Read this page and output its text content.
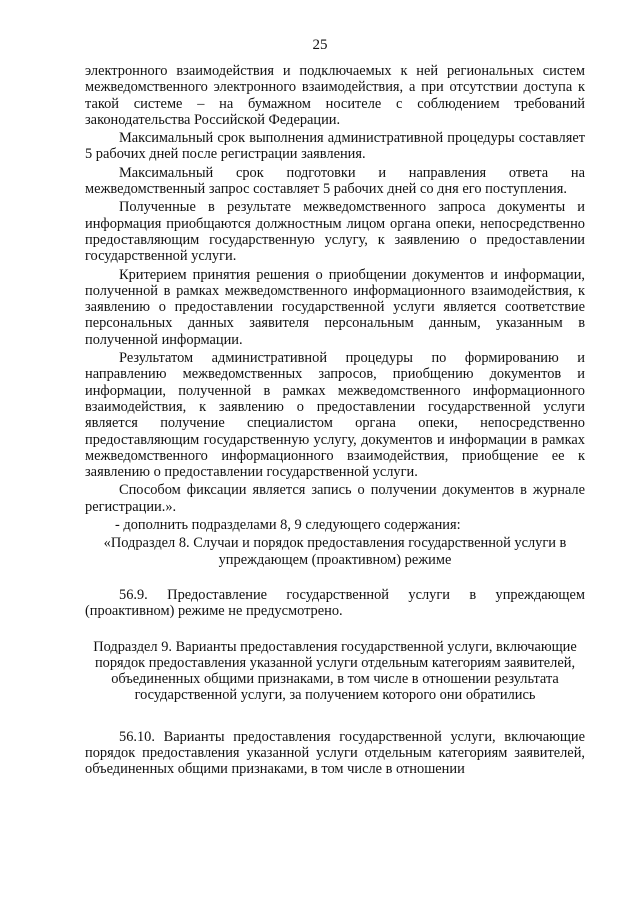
25

электронного взаимодействия и подключаемых к ней региональных систем межведомственного электронного взаимодействия, а при отсутствии доступа к такой системе – на бумажном носителе с соблюдением требований законодательства Российской Федерации.

Максимальный срок выполнения административной процедуры составляет 5 рабочих дней после регистрации заявления.

Максимальный срок подготовки и направления ответа на межведомственный запрос составляет 5 рабочих дней со дня его поступления.

Полученные в результате межведомственного запроса документы и информация приобщаются должностным лицом органа опеки, непосредственно предоставляющим государственную услугу, к заявлению о предоставлении государственной услуги.

Критерием принятия решения о приобщении документов и информации, полученной в рамках межведомственного информационного взаимодействия, к заявлению о предоставлении государственной услуги является соответствие персональных данных заявителя персональным данным, указанным в полученной информации.

Результатом административной процедуры по формированию и направлению межведомственных запросов, приобщению документов и информации, полученной в рамках межведомственного информационного взаимодействия, к заявлению о предоставлении государственной услуги является получение специалистом органа опеки, непосредственно предоставляющим государственную услугу, документов и информации в рамках межведомственного информационного взаимодействия, приобщение ее к заявлению о предоставлении государственной услуги.

Способом фиксации является запись о получении документов в журнале регистрации.».

- дополнить подразделами 8, 9 следующего содержания:

«Подраздел 8. Случаи и порядок предоставления государственной услуги в упреждающем (проактивном) режиме

56.9. Предоставление государственной услуги в упреждающем (проактивном) режиме не предусмотрено.

Подраздел 9. Варианты предоставления государственной услуги, включающие порядок предоставления указанной услуги отдельным категориям заявителей, объединенных общими признаками, в том числе в отношении результата государственной услуги, за получением которого они обратились

56.10. Варианты предоставления государственной услуги, включающие порядок предоставления указанной услуги отдельным категориям заявителей, объединенных общими признаками, в том числе в отношении
